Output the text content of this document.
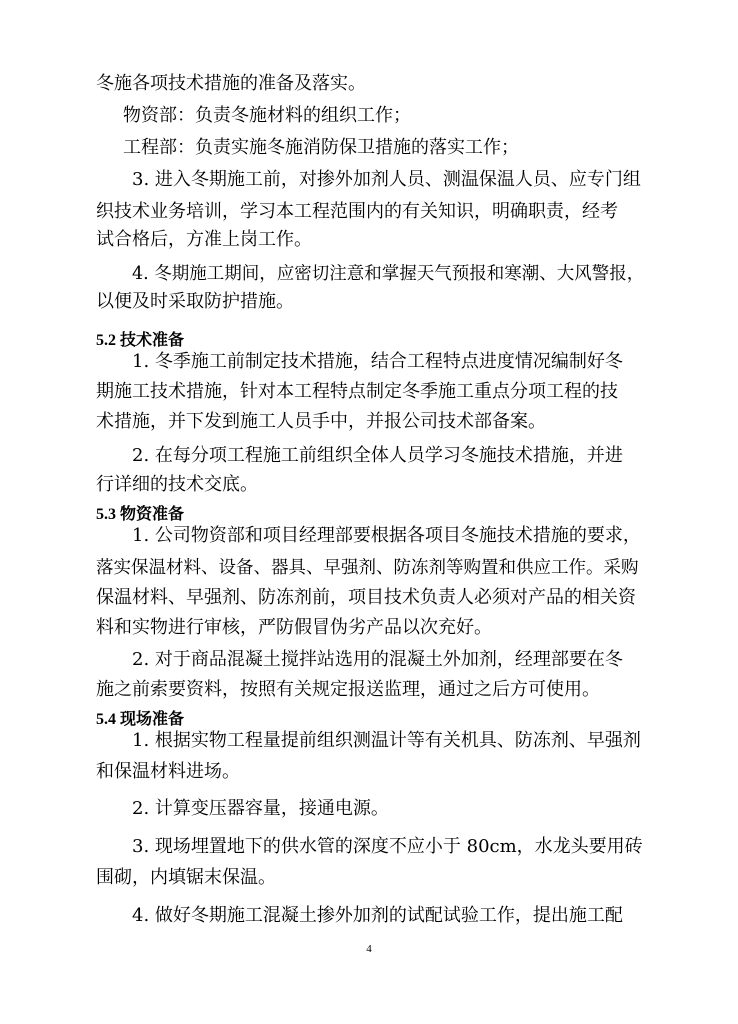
冬施各项技术措施的准备及落实。
物资部：负责冬施材料的组织工作；
工程部：负责实施冬施消防保卫措施的落实工作；
3. 进入冬期施工前，对掺外加剂人员、测温保温人员、应专门组
织技术业务培训，学习本工程范围内的有关知识，明确职责，经考
试合格后，方准上岗工作。
4. 冬期施工期间，应密切注意和掌握天气预报和寒潮、大风警报，
以便及时采取防护措施。
5.2 技术准备
1. 冬季施工前制定技术措施，结合工程特点进度情况编制好冬
期施工技术措施，针对本工程特点制定冬季施工重点分项工程的技
术措施，并下发到施工人员手中，并报公司技术部备案。
2. 在每分项工程施工前组织全体人员学习冬施技术措施，并进
行详细的技术交底。
5.3 物资准备
1. 公司物资部和项目经理部要根据各项目冬施技术措施的要求，
落实保温材料、设备、器具、早强剂、防冻剂等购置和供应工作。采购
保温材料、早强剂、防冻剂前，项目技术负责人必须对产品的相关资
料和实物进行审核，严防假冒伪劣产品以次充好。
2. 对于商品混凝土搅拌站选用的混凝土外加剂，经理部要在冬
施之前索要资料，按照有关规定报送监理，通过之后方可使用。
5.4 现场准备
1. 根据实物工程量提前组织测温计等有关机具、防冻剂、早强剂
和保温材料进场。
2. 计算变压器容量，接通电源。
3. 现场埋置地下的供水管的深度不应小于 80cm，水龙头要用砖
围砌，内填锯末保温。
4. 做好冬期施工混凝土掺外加剂的试配试验工作，提出施工配
4
